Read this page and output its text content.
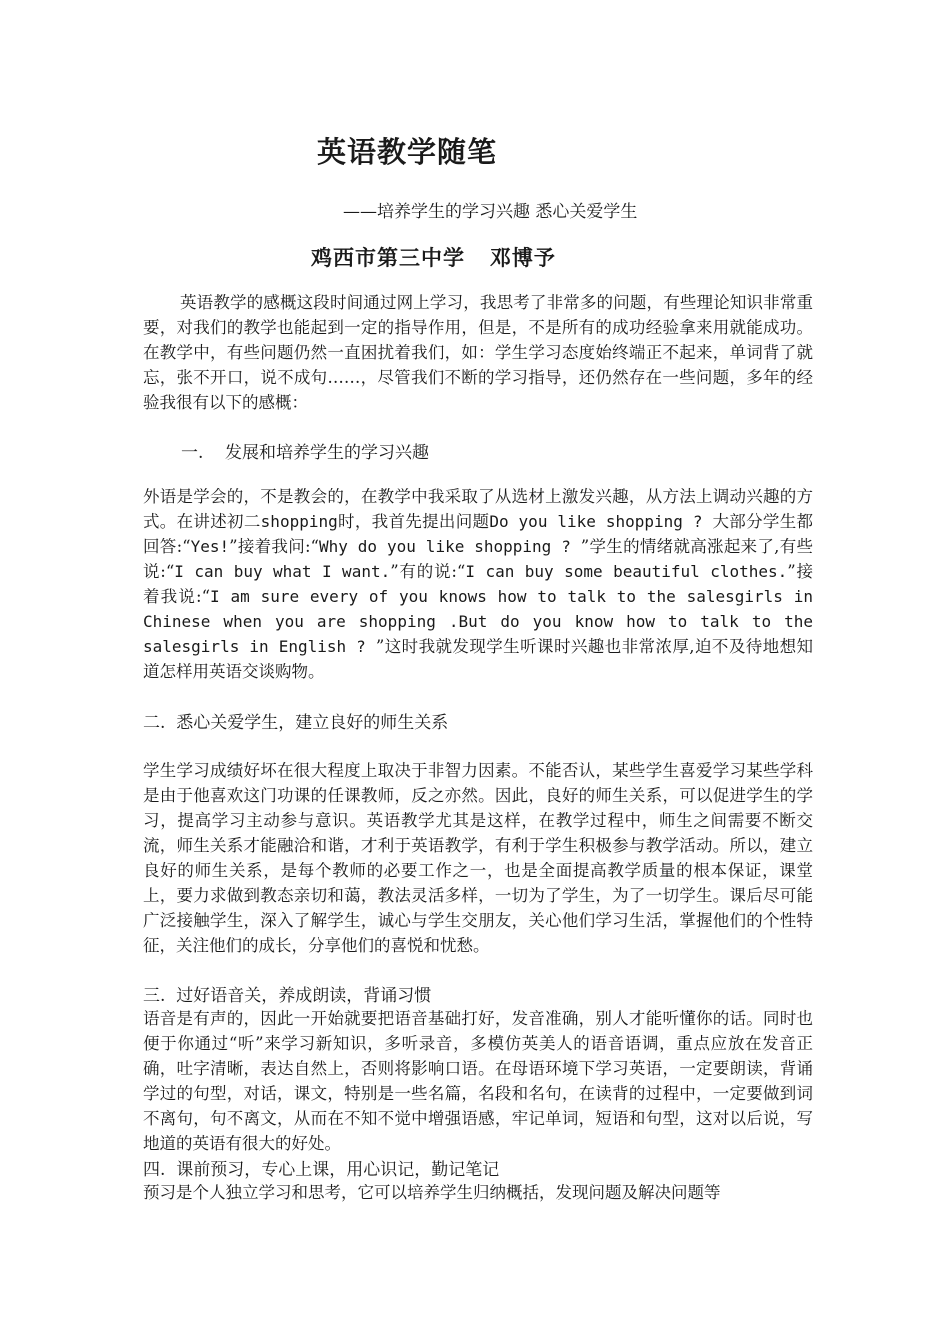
英语教学随笔
——培养学生的学习兴趣 悉心关爱学生
鸡西市第三中学   邓博予
英语教学的感概这段时间通过网上学习，我思考了非常多的问题，有些理论知识非常重要，对我们的教学也能起到一定的指导作用，但是，不是所有的成功经验拿来用就能成功。在教学中，有些问题仍然一直困扰着我们，如：学生学习态度始终端正不起来，单词背了就忘，张不开口，说不成句……，尽管我们不断的学习指导，还仍然存在一些问题，多年的经验我很有以下的感概：
一.    发展和培养学生的学习兴趣
外语是学会的，不是教会的，在教学中我采取了从选材上激发兴趣，从方法上调动兴趣的方式。在讲述初二shopping时，我首先提出问题Do you like shopping ? 大部分学生都回答:“Yes!”接着我问:“Why do you like shopping ? ”学生的情绪就高涨起来了,有些说:“I can buy what I want.”有的说:“I can buy some beautiful clothes.”接着我说:“I am sure every of you knows how to talk to the salesgirls in Chinese when you are shopping .But do you know how to talk to the salesgirls in English ? ”这时我就发现学生听课时兴趣也非常浓厚,迫不及待地想知道怎样用英语交谈购物。
二.  悉心关爱学生，建立良好的师生关系
学生学习成绩好坏在很大程度上取决于非智力因素。不能否认，某些学生喜爱学习某些学科是由于他喜欢这门功课的任课教师，反之亦然。因此，良好的师生关系，可以促进学生的学习，提高学习主动参与意识。英语教学尤其是这样，在教学过程中，师生之间需要不断交流，师生关系才能融洽和谐，才利于英语教学，有利于学生积极参与教学活动。所以，建立良好的师生关系，是每个教师的必要工作之一，也是全面提高教学质量的根本保证，课堂上，要力求做到教态亲切和蔼，教法灵活多样，一切为了学生，为了一切学生。课后尽可能广泛接触学生，深入了解学生，诚心与学生交朋友，关心他们学习生活，掌握他们的个性特征，关注他们的成长，分享他们的喜悦和忧愁。
三.  过好语音关，养成朗读，背诵习惯
语音是有声的，因此一开始就要把语音基础打好，发音准确，别人才能听懂你的话。同时也便于你通过“听”来学习新知识，多听录音，多模仿英美人的语音语调，重点应放在发音正确，吐字清晰，表达自然上，否则将影响口语。在母语环境下学习英语，一定要朗读，背诵学过的句型，对话，课文，特别是一些名篇，名段和名句，在读背的过程中，一定要做到词不离句，句不离文，从而在不知不觉中增强语感，牢记单词，短语和句型，这对以后说，写地道的英语有很大的好处。
四.  课前预习，专心上课，用心识记，勤记笔记
预习是个人独立学习和思考，它可以培养学生归纳概括，发现问题及解决问题等
